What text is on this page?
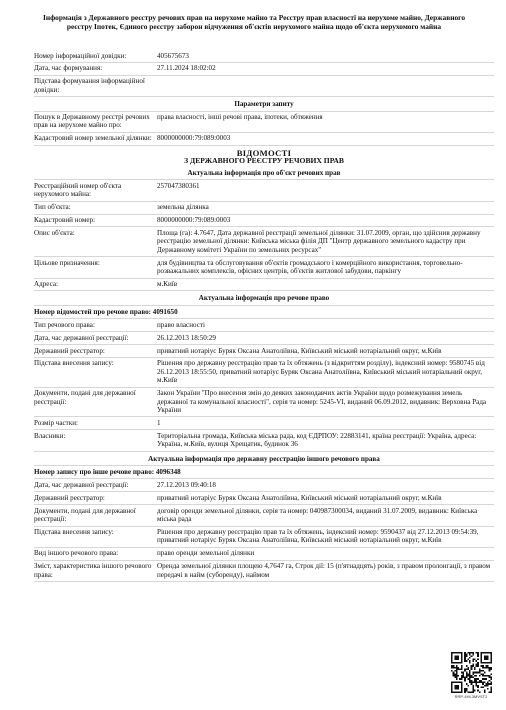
Інформація з Державного реєстру речових прав на нерухоме майно та Реєстру прав власності на нерухоме майно, Державного реєстру Іпотек, Єдиного реєстру заборон відчуження об'єктів нерухомого майна щодо об'єкта нерухомого майна
Номер інформаційної довідки:	405675673
Дата, час формування:	27.11.2024 18:02:02
Підстава формування інформаційної довідки:
Параметри запиту
Пошук в Державному реєстрі речових прав на нерухоме майно про:
права власності, інші речові права, іпотеки, обтяження
Кадастровий номер земельної ділянки: 8000000000:79:089:0003
ВІДОМОСТІ
З ДЕРЖАВНОГО РЕЄСТРУ РЕЧОВИХ ПРАВ
Актуальна інформація про об'єкт речових прав
Реєстраційний номер об'єкта нерухомого майна:
257047380361
Тип об'єкта:	земельна ділянка
Кадастровий номер:	8000000000:79:089:0003
Опис об'єкта:	Площа (га): 4.7647, Дата державної реєстрації земельної ділянки: 31.07.2009, орган, що здійснив державну реєстрацію земельної ділянки: Київська міська філія ДП "Центр державного земельного кадастру при Державному комітеті України по земельних ресурсах"
Цільове призначення:	для будівництва та обслуговування об'єктів громадського і комерційного використання, торговельно-розважальних комплексів, офісних центрів, об'єктів житлової забудови, паркінгу
Адреса:	м.Київ
Актуальна інформація про речове право
Номер відомостей про речове право: 4091650
Тип речового права:	право власності
Дата, час державної реєстрації:	26.12.2013 18:50:29
Державний реєстратор:	приватний нотаріус Буряк Оксана Анатоліївна, Київський міський нотаріальний округ, м.Київ
Підстава внесення запису:	Рішення про державну реєстрацію прав та їх обтяжень (з відкриттям розділу), індексний номер: 9580745 від 26.12.2013 18:55:50, приватний нотаріус Буряк Оксана Анатоліївна, Київський міський нотаріальний округ, м.Київ
Документи, подані для державної реєстрації:
Закон України "Про внесення змін до деяких законодавчих актів України щодо розмежування земель державної та комунальної власності", серія та номер: 5245-VI, виданий 06.09.2012, видавник: Верховна Рада України
Розмір частки:	1
Власники:	Територіальна громада, Київська міська рада, код ЄДРПОУ: 22883141, країна реєстрації: Україна, адреса: Україна, м.Київ, вулиця Хрещатик, будинок 36
Актуальна інформація про державну реєстрацію іншого речового права
Номер запису про інше речове право: 4096348
Дата, час державної реєстрації:	27.12.2013 09:40:18
Державний реєстратор:	приватний нотаріус Буряк Оксана Анатоліївна, Київський міський нотаріальний округ, м.Київ
Документи, подані для державної реєстрації:
договір оренди земельної ділянки, серія та номер: 040987300034, виданий 31.07.2009, видавник: Київська міська рада
Підстава внесення запису:	Рішення про державну реєстрацію прав та їх обтяжень, індексний номер: 9590437 від 27.12.2013 09:54:39, приватний нотаріус Буряк Оксана Анатоліївна, Київський міський нотаріальний округ, м.Київ
Вид іншого речового права:	право оренди земельної ділянки
Зміст, характеристика іншого речового права:
Оренда земельної ділянки площею 4,7647 га, Строк дії: 15 (п'ятнадцять) років, з правом пролонгації, з правом передачі в найм (суборенду), наймом
RRP-4HL3MVST2
